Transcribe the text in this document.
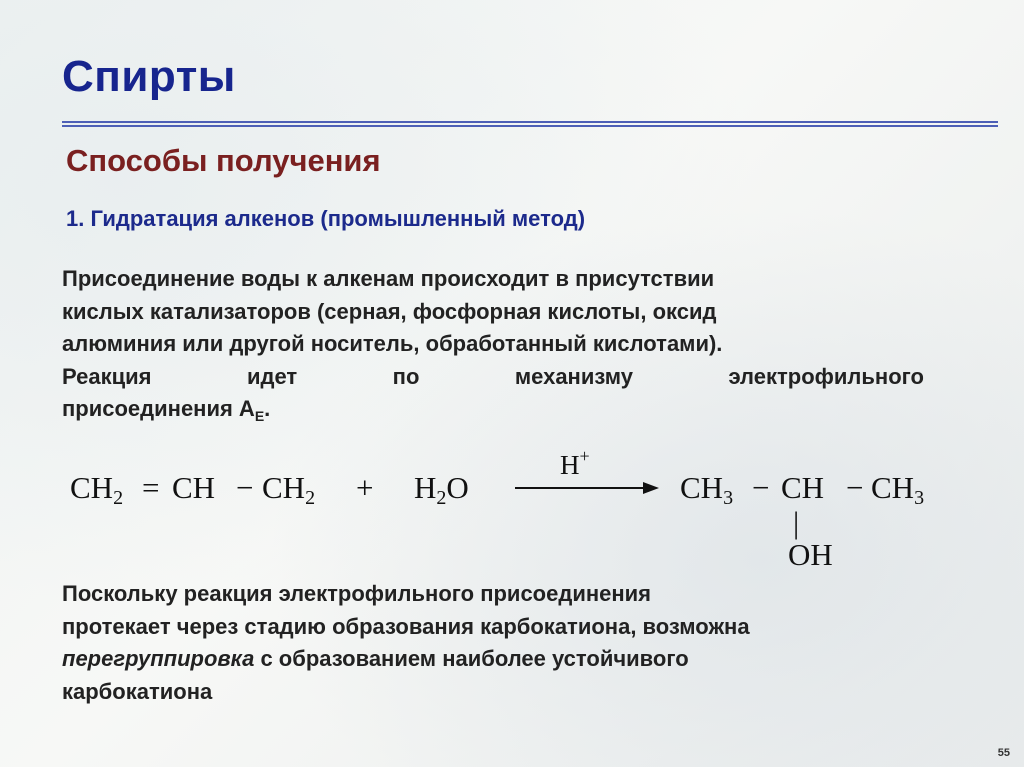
Спирты
Способы получения

1. Гидратация алкенов (промышленный метод)

Присоединение воды к алкенам происходит в присутствии
кислых катализаторов (серная, фосфорная кислоты, оксид
алюминия или другой носитель, обработанный кислотами).
Реакция	идет	по	механизму	электрофильного
присоединения $A_E$.
$CH_2$ = CH − $CH_2 + H_2O$
H+
$CH_3$ − CH − $CH_3$
|
OH
Поскольку реакция электрофильного присоединения
протекает через стадию образования карбокатиона, возможна
перегруппировка с образованием наиболее устойчивого
карбокатиона
55
